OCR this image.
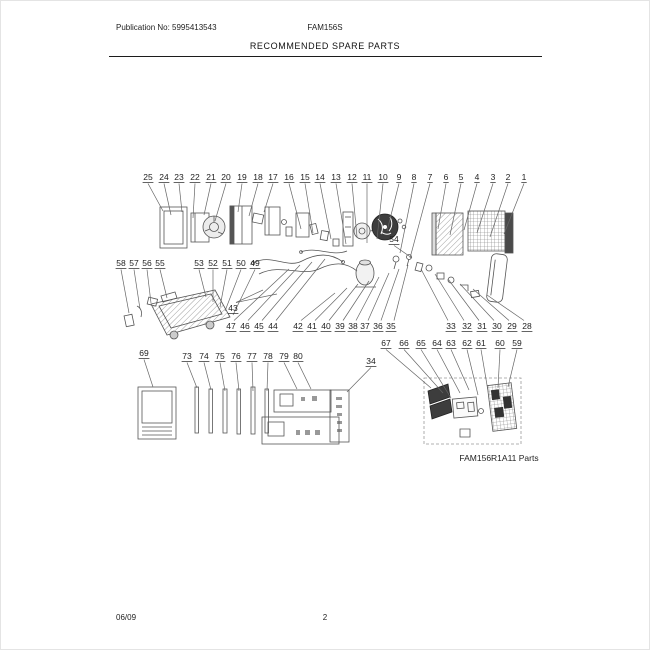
Publication No: 5995413543	FAM156S
RECOMMENDED SPARE PARTS
25 24 23 22 21 20 19 18 17 16 15 14 13 12 11 10 9 8 7 6 5 4 3 2 1
58 57 56 55	53 52 51 50 49
43
47 46 45 44 42 41 40 39 38 37 36 35	33 32 31 30 29 28
54
69	73 74 75 76 77 78 79 80	34
67 66 65 64 63 62 61 60 59
FAM156R1A11 Parts
06/09	2
